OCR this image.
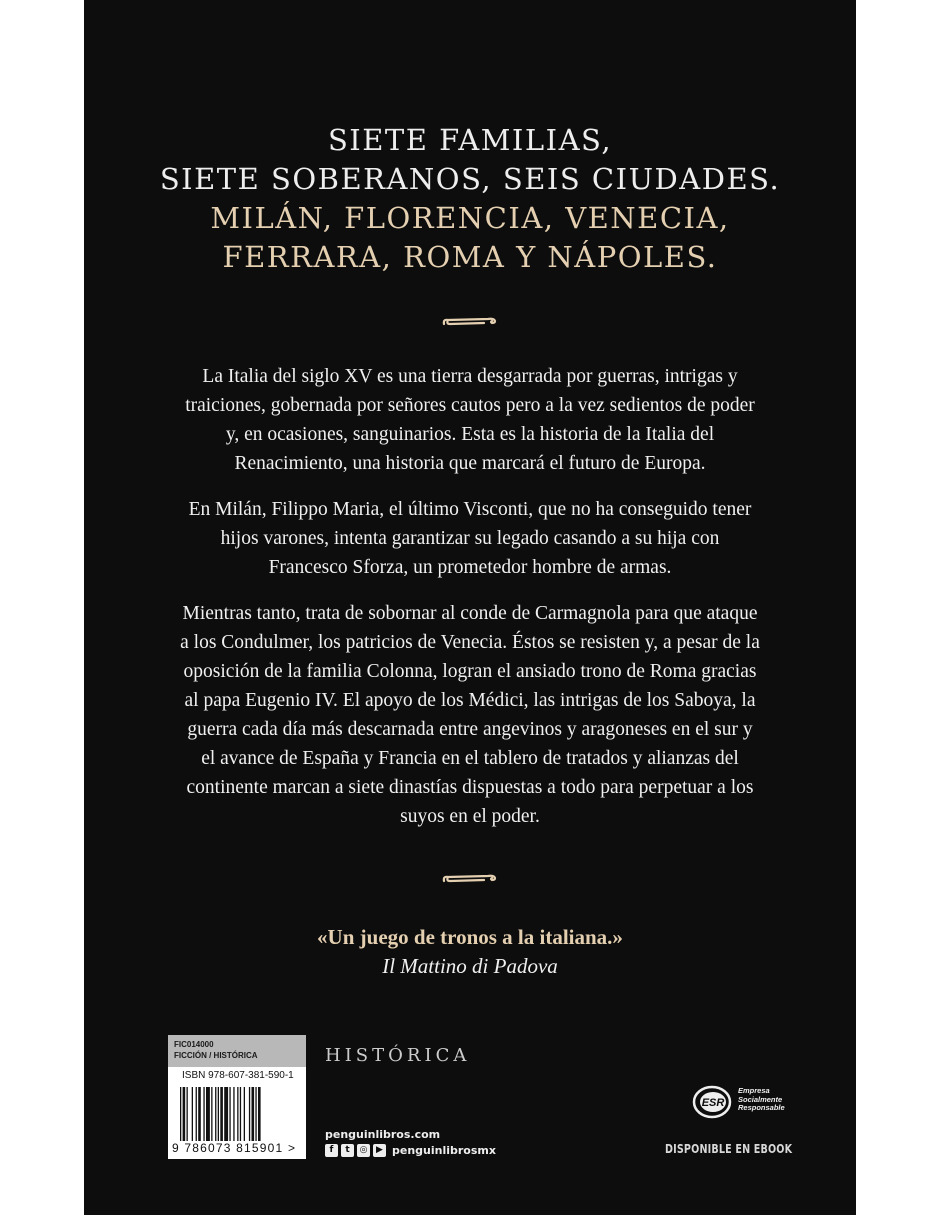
SIETE FAMILIAS,
SIETE SOBERANOS, SEIS CIUDADES.
MILÁN, FLORENCIA, VENECIA,
FERRARA, ROMA Y NÁPOLES.

La Italia del siglo XV es una tierra desgarrada por guerras, intrigas y traiciones, gobernada por señores cautos pero a la vez sedientos de poder y, en ocasiones, sanguinarios. Esta es la historia de la Italia del Renacimiento, una historia que marcará el futuro de Europa.

En Milán, Filippo Maria, el último Visconti, que no ha conseguido tener hijos varones, intenta garantizar su legado casando a su hija con Francesco Sforza, un prometedor hombre de armas.

Mientras tanto, trata de sobornar al conde de Carmagnola para que ataque a los Condulmer, los patricios de Venecia. Éstos se resisten y, a pesar de la oposición de la familia Colonna, logran el ansiado trono de Roma gracias al papa Eugenio IV. El apoyo de los Médici, las intrigas de los Saboya, la guerra cada día más descarnada entre angevinos y aragoneses en el sur y el avance de España y Francia en el tablero de tratados y alianzas del continente marcan a siete dinastías dispuestas a todo para perpetuar a los suyos en el poder.

«Un juego de tronos a la italiana.»
Il Mattino di Padova
FIC014000
FICCIÓN / HISTÓRICA
ISBN 978-607-381-590-1
9 786073 815901 >
HISTÓRICA
penguinlibros.com
f	t	◎ ▶ penguinlibrosmx
ESR
Empresa
Socialmente
Responsable
DISPONIBLE EN EBOOK
